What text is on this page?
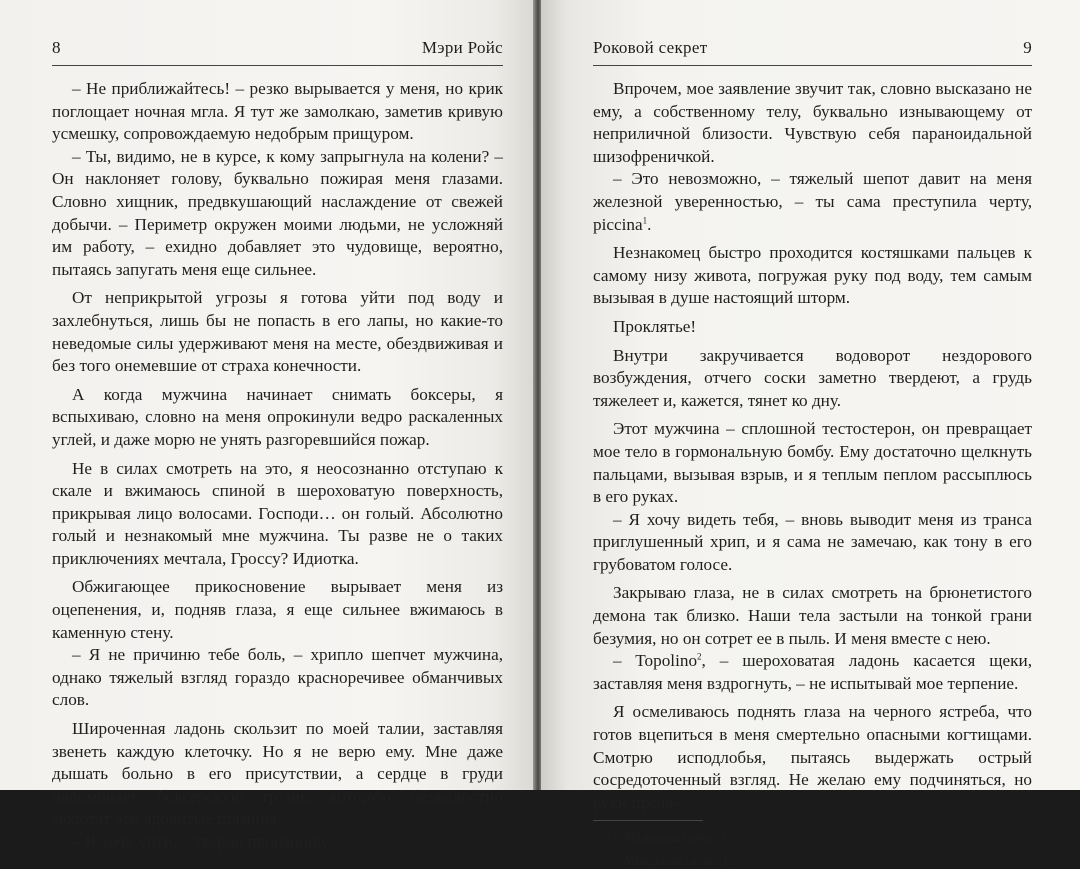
8	Мэри Ройс

– Не приближайтесь! – резко вырывается у меня, но крик поглощает ночная мгла. Я тут же замолкаю, заметив кривую усмешку, сопровождаемую недобрым прищуром.

– Ты, видимо, не в курсе, к кому запрыгнула на колени? – Он наклоняет голову, буквально пожирая меня глазами. Словно хищник, предвкушающий наслаждение от свежей добычи. – Периметр окружен моими людьми, не усложняй им работу, – ехидно добавляет это чудовище, вероятно, пытаясь запугать меня еще сильнее.

От неприкрытой угрозы я готова уйти под воду и захлебнуться, лишь бы не попасть в его лапы, но какие-то неведомые силы удерживают меня на месте, обездвиживая и без того онемевшие от страха конечности.

А когда мужчина начинает снимать боксеры, я вспыхиваю, словно на меня опрокинули ведро раскаленных углей, и даже морю не унять разгоревшийся пожар.

Не в силах смотреть на это, я неосознанно отступаю к скале и вжимаюсь спиной в шероховатую поверхность, прикрывая лицо волосами. Господи… он голый. Абсолютно голый и незнакомый мне мужчина. Ты разве не о таких приключениях мечтала, Гроссу? Идиотка.

Обжигающее прикосновение вырывает меня из оцепенения, и, подняв глаза, я еще сильнее вжимаюсь в каменную стену.

– Я не причиню тебе боль, – хрипло шепчет мужчина, однако тяжелый взгляд гораздо красноречивее обманчивых слов.

Широченная ладонь скользит по моей талии, заставляя звенеть каждую клеточку. Но я не верю ему. Мне даже дышать больно в его присутствии, а сердце в груди напоминает боксерскую грушу, которую безжалостно молотят эти ядовитые глазища.

– Я хочу уйти, – твердо произношу.

Роковой секрет	9

Впрочем, мое заявление звучит так, словно высказано не ему, а собственному телу, буквально изнывающему от неприличной близости. Чувствую себя параноидальной шизофреничкой.

– Это невозможно, – тяжелый шепот давит на меня железной уверенностью, – ты сама преступила черту, piccina$^1$.

Незнакомец быстро проходится костяшками пальцев к самому низу живота, погружая руку под воду, тем самым вызывая в душе настоящий шторм.

Проклятье!

Внутри закручивается водоворот нездорового возбуждения, отчего соски заметно твердеют, а грудь тяжелеет и, кажется, тянет ко дну.

Этот мужчина – сплошной тестостерон, он превращает мое тело в гормональную бомбу. Ему достаточно щелкнуть пальцами, вызывая взрыв, и я теплым пеплом рассыплюсь в его руках.

– Я хочу видеть тебя, – вновь выводит меня из транса приглушенный хрип, и я сама не замечаю, как тону в его грубоватом голосе.

Закрываю глаза, не в силах смотреть на брюнетистого демона так близко. Наши тела застыли на тонкой грани безумия, но он сотрет ее в пыль. И меня вместе с нею.

– Topolino$^2$, – шероховатая ладонь касается щеки, заставляя меня вздрогнуть, – не испытывай мое терпение.

Я осмеливаюсь поднять глаза на черного ястреба, что готов вцепиться в меня смертельно опасными когтищами. Смотрю исподлобья, пытаясь выдержать острый сосредоточенный взгляд. Не желаю ему подчиняться, но руки преда-

$^1$ Малышка (итал.).
$^2$ Мышонок (итал.).
